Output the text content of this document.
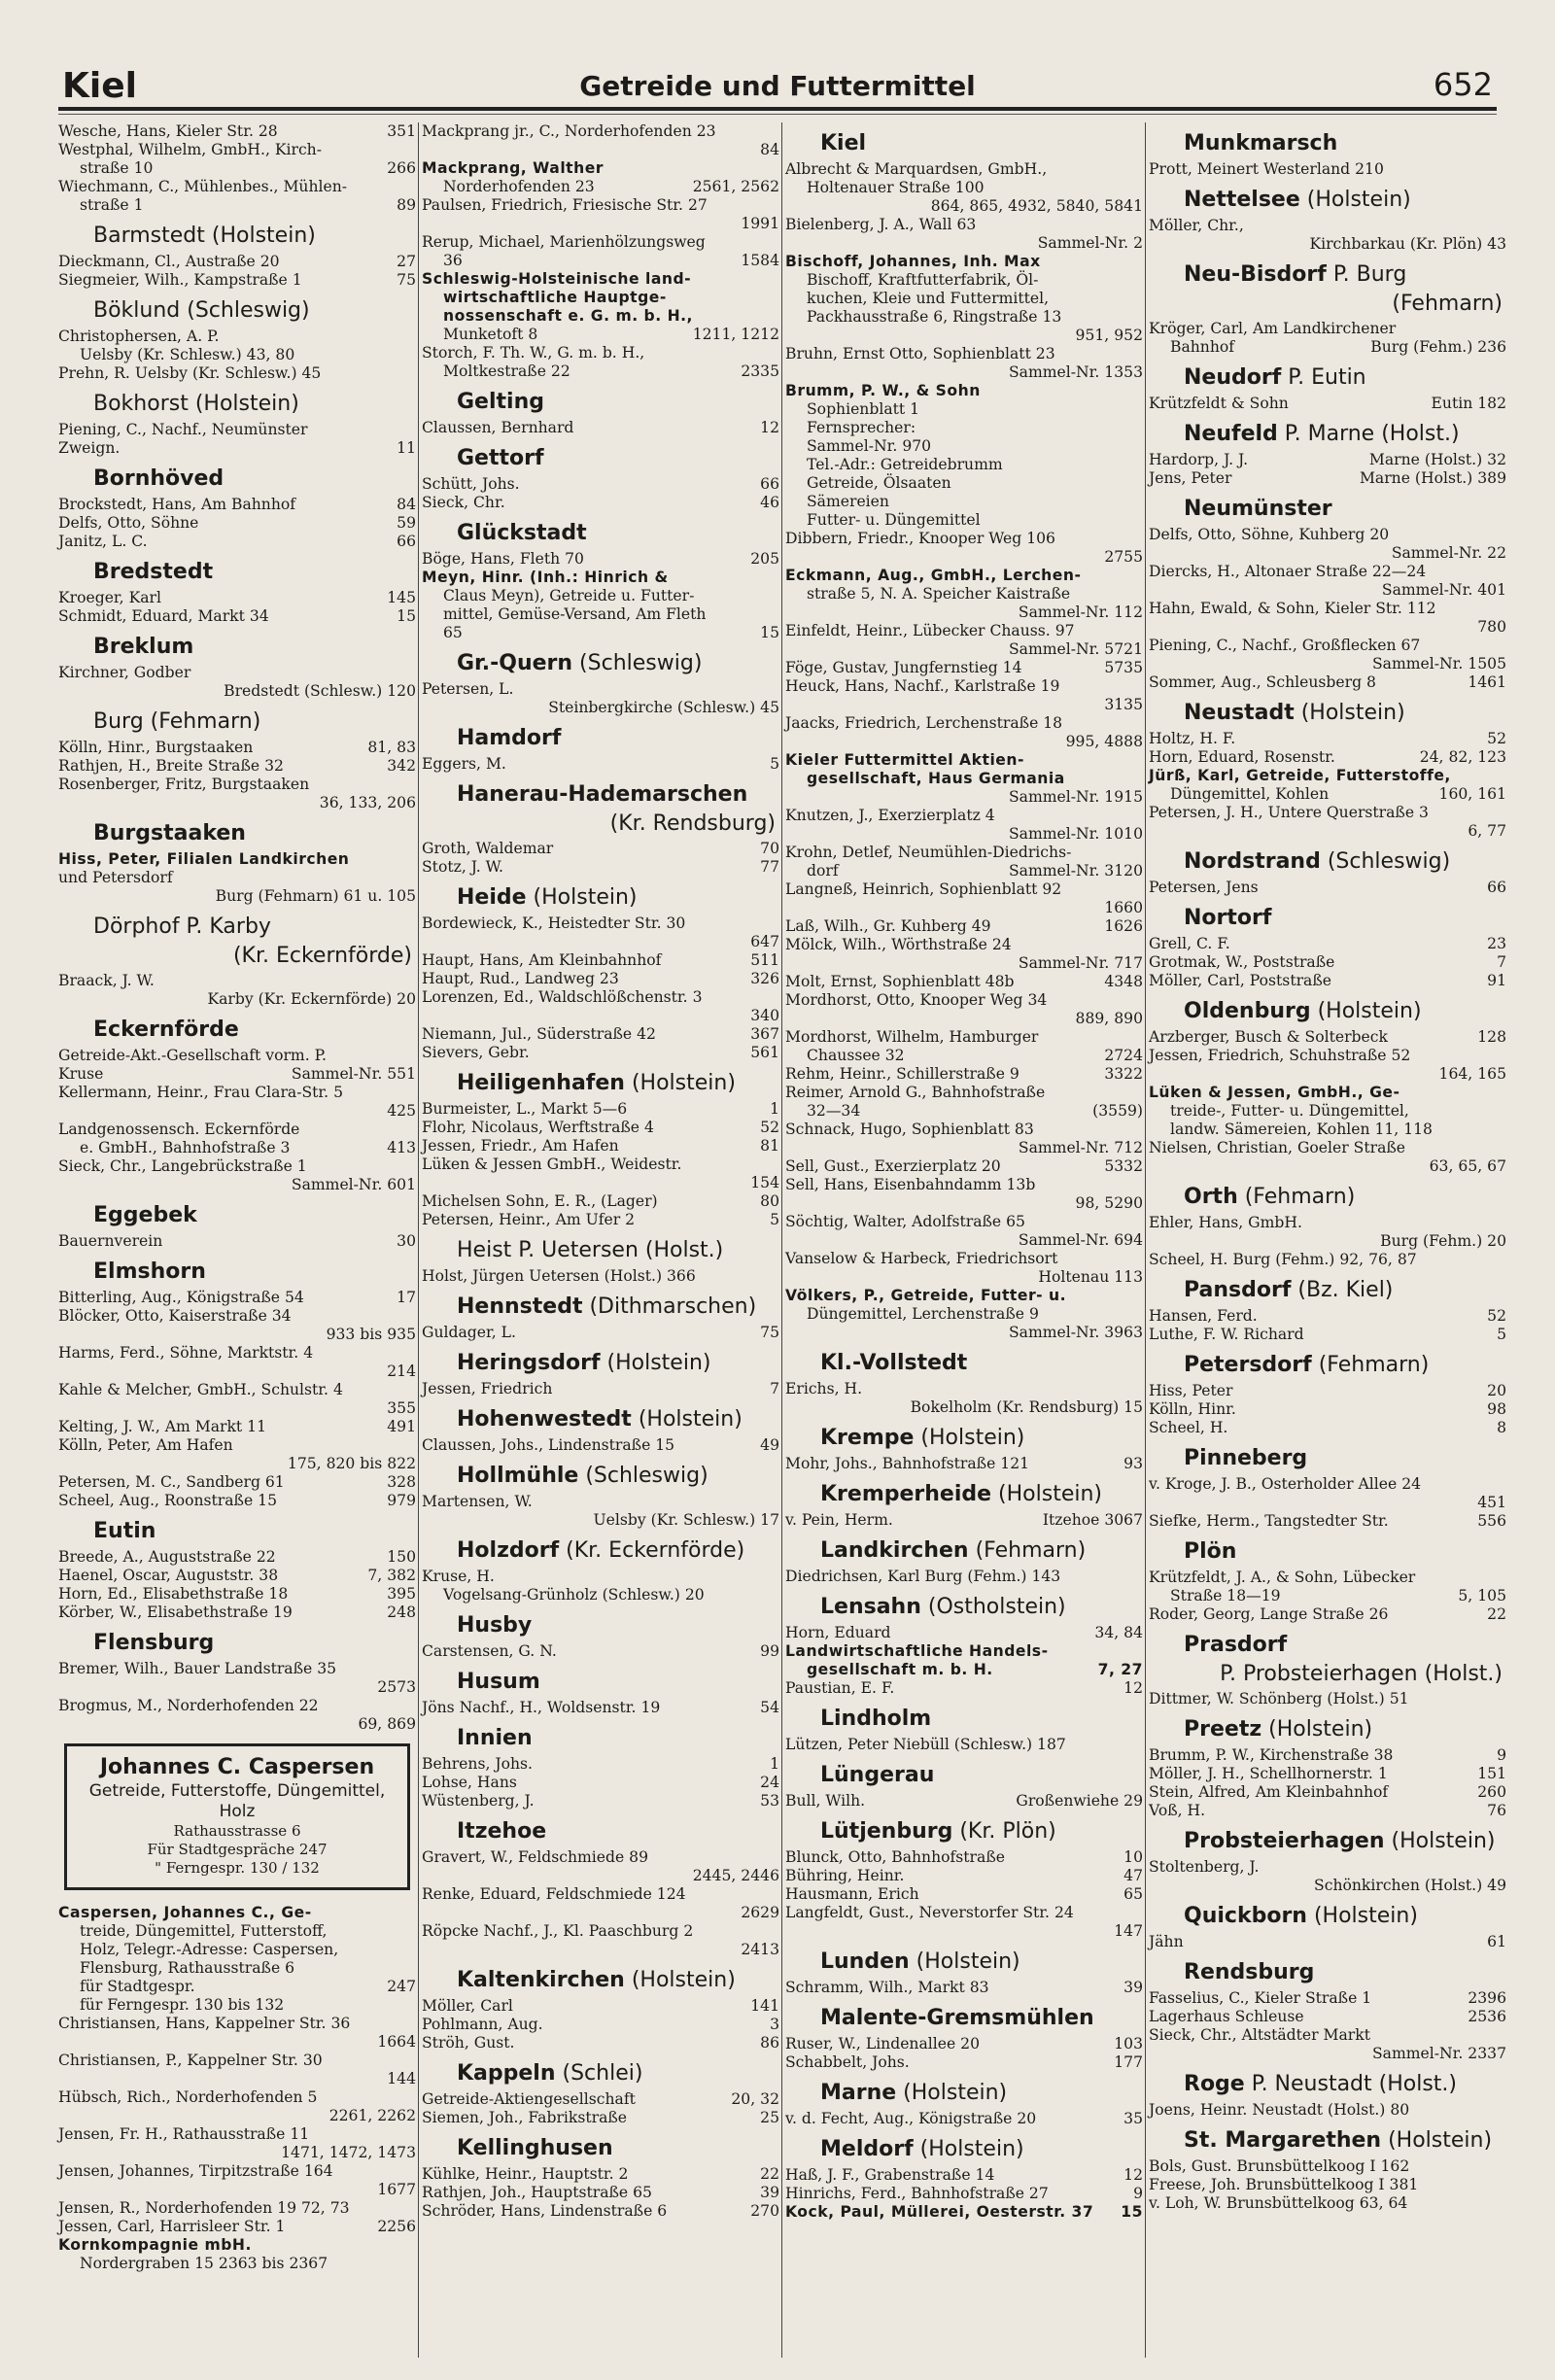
Kiel	Getreide und Futtermittel	652
351
Wesche, Hans, Kieler Str. 28
Westphal, Wilhelm, GmbH., Kirch-
266
straße 10
Wiechmann, C., Mühlenbes., Mühlen-
89
straße 1
Barmstedt (Holstein)
27
Dieckmann, Cl., Austraße 20
75
Siegmeier, Wilh., Kampstraße 1
Böklund (Schleswig)
Christophersen, A. P.
Uelsby (Kr. Schlesw.) 43, 80
Prehn, R. Uelsby (Kr. Schlesw.) 45
Bokhorst (Holstein)
Piening, C., Nachf., Neumünster
11
Zweign.
Bornhöved
84
Brockstedt, Hans, Am Bahnhof
59
Delfs, Otto, Söhne
66
Janitz, L. C.
Bredstedt
145
Kroeger, Karl
15
Schmidt, Eduard, Markt 34
Breklum
Kirchner, Godber
Bredstedt (Schlesw.) 120
Burg (Fehmarn)
81, 83
Kölln, Hinr., Burgstaaken
342
Rathjen, H., Breite Straße 32
Rosenberger, Fritz, Burgstaaken
36, 133, 206
Burgstaaken
Hiss, Peter, Filialen Landkirchen
und Petersdorf
Burg (Fehmarn) 61 u. 105
Dörphof P. Karby
(Kr. Eckernförde)
Braack, J. W.
Karby (Kr. Eckernförde) 20
Eckernförde
Getreide-Akt.-Gesellschaft vorm. P.
Sammel-Nr. 551
Kruse
Kellermann, Heinr., Frau Clara-Str. 5
425
Landgenossensch. Eckernförde
413
e. GmbH., Bahnhofstraße 3
Sieck, Chr., Langebrückstraße 1
Sammel-Nr. 601
Eggebek
30
Bauernverein
Elmshorn
17
Bitterling, Aug., Königstraße 54
Blöcker, Otto, Kaiserstraße 34
933 bis 935
Harms, Ferd., Söhne, Marktstr. 4
214
Kahle & Melcher, GmbH., Schulstr. 4
355
491
Kelting, J. W., Am Markt 11
Kölln, Peter, Am Hafen
175, 820 bis 822
328
Petersen, M. C., Sandberg 61
979
Scheel, Aug., Roonstraße 15
Eutin
150
Breede, A., Auguststraße 22
7, 382
Haenel, Oscar, Auguststr. 38
395
Horn, Ed., Elisabethstraße 18
248
Körber, W., Elisabethstraße 19
Flensburg
Bremer, Wilh., Bauer Landstraße 35
2573
Brogmus, M., Norderhofenden 22
69, 869
Johannes C. Caspersen
Getreide, Futterstoffe, Düngemittel, Holz
Rathausstrasse 6
Für Stadtgespräche 247
" Ferngespr. 130 / 132
Caspersen, Johannes C., Ge-
treide, Düngemittel, Futterstoff,
Holz, Telegr.-Adresse: Caspersen,
Flensburg, Rathausstraße 6
247
für Stadtgespr.
für Ferngespr. 130 bis 132
Christiansen, Hans, Kappelner Str. 36
1664
Christiansen, P., Kappelner Str. 30
144
Hübsch, Rich., Norderhofenden 5
2261, 2262
Jensen, Fr. H., Rathausstraße 11
1471, 1472, 1473
Jensen, Johannes, Tirpitzstraße 164
1677
Jensen, R., Norderhofenden 19 72, 73
2256
Jessen, Carl, Harrisleer Str. 1
Kornkompagnie mbH.
Nordergraben 15 2363 bis 2367
Mackprang jr., C., Norderhofenden 23
84
Mackprang, Walther
2561, 2562
Norderhofenden 23
Paulsen, Friedrich, Friesische Str. 27
1991
Rerup, Michael, Marienhölzungsweg
1584
36
Schleswig-Holsteinische land-
wirtschaftliche Hauptge-
nossenschaft e. G. m. b. H.,
1211, 1212
Munketoft 8
Storch, F. Th. W., G. m. b. H.,
2335
Moltkestraße 22
Gelting
12
Claussen, Bernhard
Gettorf
66
Schütt, Johs.
46
Sieck, Chr.
Glückstadt
205
Böge, Hans, Fleth 70
Meyn, Hinr. (Inh.: Hinrich &
Claus Meyn), Getreide u. Futter-
mittel, Gemüse-Versand, Am Fleth
15
65
Gr.-Quern (Schleswig)
Petersen, L.
Steinbergkirche (Schlesw.) 45
Hamdorf
5
Eggers, M.
Hanerau-Hademarschen
(Kr. Rendsburg)
70
Groth, Waldemar
77
Stotz, J. W.
Heide (Holstein)
Bordewieck, K., Heistedter Str. 30
647
511
Haupt, Hans, Am Kleinbahnhof
326
Haupt, Rud., Landweg 23
Lorenzen, Ed., Waldschlößchenstr. 3
340
367
Niemann, Jul., Süderstraße 42
561
Sievers, Gebr.
Heiligenhafen (Holstein)
1
Burmeister, L., Markt 5—6
52
Flohr, Nicolaus, Werftstraße 4
81
Jessen, Friedr., Am Hafen
Lüken & Jessen GmbH., Weidestr.
154
80
Michelsen Sohn, E. R., (Lager)
5
Petersen, Heinr., Am Ufer 2
Heist P. Uetersen (Holst.)
Holst, Jürgen Uetersen (Holst.) 366
Hennstedt (Dithmarschen)
75
Guldager, L.
Heringsdorf (Holstein)
7
Jessen, Friedrich
Hohenwestedt (Holstein)
49
Claussen, Johs., Lindenstraße 15
Hollmühle (Schleswig)
Martensen, W.
Uelsby (Kr. Schlesw.) 17
Holzdorf (Kr. Eckernförde)
Kruse, H.
Vogelsang-Grünholz (Schlesw.) 20
Husby
99
Carstensen, G. N.
Husum
54
Jöns Nachf., H., Woldsenstr. 19
Innien
1
Behrens, Johs.
24
Lohse, Hans
53
Wüstenberg, J.
Itzehoe
Gravert, W., Feldschmiede 89
2445, 2446
Renke, Eduard, Feldschmiede 124
2629
Röpcke Nachf., J., Kl. Paaschburg 2
2413
Kaltenkirchen (Holstein)
141
Möller, Carl
3
Pohlmann, Aug.
86
Ströh, Gust.
Kappeln (Schlei)
20, 32
Getreide-Aktiengesellschaft
25
Siemen, Joh., Fabrikstraße
Kellinghusen
22
Kühlke, Heinr., Hauptstr. 2
39
Rathjen, Joh., Hauptstraße 65
270
Schröder, Hans, Lindenstraße 6
Kiel
Albrecht & Marquardsen, GmbH.,
Holtenauer Straße 100
864, 865, 4932, 5840, 5841
Bielenberg, J. A., Wall 63
Sammel-Nr. 2
Bischoff, Johannes, Inh. Max
Bischoff, Kraftfutterfabrik, Öl-
kuchen, Kleie und Futtermittel,
Packhausstraße 6, Ringstraße 13
951, 952
Bruhn, Ernst Otto, Sophienblatt 23
Sammel-Nr. 1353
Brumm, P. W., & Sohn
Sophienblatt 1
Fernsprecher:
Sammel-Nr. 970
Tel.-Adr.: Getreidebrumm
Getreide, Ölsaaten
Sämereien
Futter- u. Düngemittel
Dibbern, Friedr., Knooper Weg 106
2755
Eckmann, Aug., GmbH., Lerchen-
straße 5, N. A. Speicher Kaistraße
Sammel-Nr. 112
Einfeldt, Heinr., Lübecker Chauss. 97
Sammel-Nr. 5721
5735
Föge, Gustav, Jungfernstieg 14
Heuck, Hans, Nachf., Karlstraße 19
3135
Jaacks, Friedrich, Lerchenstraße 18
995, 4888
Kieler Futtermittel Aktien-
gesellschaft, Haus Germania
Sammel-Nr. 1915
Knutzen, J., Exerzierplatz 4
Sammel-Nr. 1010
Krohn, Detlef, Neumühlen-Diedrichs-
Sammel-Nr. 3120
dorf
Langneß, Heinrich, Sophienblatt 92
1660
1626
Laß, Wilh., Gr. Kuhberg 49
Mölck, Wilh., Wörthstraße 24
Sammel-Nr. 717
4348
Molt, Ernst, Sophienblatt 48b
Mordhorst, Otto, Knooper Weg 34
889, 890
Mordhorst, Wilhelm, Hamburger
2724
Chaussee 32
3322
Rehm, Heinr., Schillerstraße 9
Reimer, Arnold G., Bahnhofstraße
(3559)
32—34
Schnack, Hugo, Sophienblatt 83
Sammel-Nr. 712
5332
Sell, Gust., Exerzierplatz 20
Sell, Hans, Eisenbahndamm 13b
98, 5290
Söchtig, Walter, Adolfstraße 65
Sammel-Nr. 694
Vanselow & Harbeck, Friedrichsort
Holtenau 113
Völkers, P., Getreide, Futter- u.
Düngemittel, Lerchenstraße 9
Sammel-Nr. 3963
Kl.-Vollstedt
Erichs, H.
Bokelholm (Kr. Rendsburg) 15
Krempe (Holstein)
93
Mohr, Johs., Bahnhofstraße 121
Kremperheide (Holstein)
Itzehoe 3067
v. Pein, Herm.
Landkirchen (Fehmarn)
Diedrichsen, Karl Burg (Fehm.) 143
Lensahn (Ostholstein)
34, 84
Horn, Eduard
Landwirtschaftliche Handels-
7, 27
gesellschaft m. b. H.
12
Paustian, E. F.
Lindholm
Lützen, Peter Niebüll (Schlesw.) 187
Lüngerau
Großenwiehe 29
Bull, Wilh.
Lütjenburg (Kr. Plön)
10
Blunck, Otto, Bahnhofstraße
47
Bühring, Heinr.
65
Hausmann, Erich
Langfeldt, Gust., Neverstorfer Str. 24
147
Lunden (Holstein)
39
Schramm, Wilh., Markt 83
Malente-Gremsmühlen
103
Ruser, W., Lindenallee 20
177
Schabbelt, Johs.
Marne (Holstein)
35
v. d. Fecht, Aug., Königstraße 20
Meldorf (Holstein)
12
Haß, J. F., Grabenstraße 14
9
Hinrichs, Ferd., Bahnhofstraße 27
15
Kock, Paul, Müllerei, Oesterstr. 37
Munkmarsch
Prott, Meinert Westerland 210
Nettelsee (Holstein)
Möller, Chr.,
Kirchbarkau (Kr. Plön) 43
Neu-Bisdorf P. Burg
(Fehmarn)
Kröger, Carl, Am Landkirchener
Burg (Fehm.) 236
Bahnhof
Neudorf P. Eutin
Eutin 182
Krützfeldt & Sohn
Neufeld P. Marne (Holst.)
Marne (Holst.) 32
Hardorp, J. J.
Marne (Holst.) 389
Jens, Peter
Neumünster
Delfs, Otto, Söhne, Kuhberg 20
Sammel-Nr. 22
Diercks, H., Altonaer Straße 22—24
Sammel-Nr. 401
Hahn, Ewald, & Sohn, Kieler Str. 112
780
Piening, C., Nachf., Großflecken 67
Sammel-Nr. 1505
1461
Sommer, Aug., Schleusberg 8
Neustadt (Holstein)
52
Holtz, H. F.
24, 82, 123
Horn, Eduard, Rosenstr.
Jürß, Karl, Getreide, Futterstoffe,
160, 161
Düngemittel, Kohlen
Petersen, J. H., Untere Querstraße 3
6, 77
Nordstrand (Schleswig)
66
Petersen, Jens
Nortorf
23
Grell, C. F.
7
Grotmak, W., Poststraße
91
Möller, Carl, Poststraße
Oldenburg (Holstein)
128
Arzberger, Busch & Solterbeck
Jessen, Friedrich, Schuhstraße 52
164, 165
Lüken & Jessen, GmbH., Ge-
treide-, Futter- u. Düngemittel,
landw. Sämereien, Kohlen 11, 118
Nielsen, Christian, Goeler Straße
63, 65, 67
Orth (Fehmarn)
Ehler, Hans, GmbH.
Burg (Fehm.) 20
Scheel, H. Burg (Fehm.) 92, 76, 87
Pansdorf (Bz. Kiel)
52
Hansen, Ferd.
5
Luthe, F. W. Richard
Petersdorf (Fehmarn)
20
Hiss, Peter
98
Kölln, Hinr.
8
Scheel, H.
Pinneberg
v. Kroge, J. B., Osterholder Allee 24
451
556
Siefke, Herm., Tangstedter Str.
Plön
Krützfeldt, J. A., & Sohn, Lübecker
5, 105
Straße 18—19
22
Roder, Georg, Lange Straße 26
Prasdorf
P. Probsteierhagen (Holst.)
Dittmer, W. Schönberg (Holst.) 51
Preetz (Holstein)
9
Brumm, P. W., Kirchenstraße 38
151
Möller, J. H., Schellhornerstr. 1
260
Stein, Alfred, Am Kleinbahnhof
76
Voß, H.
Probsteierhagen (Holstein)
Stoltenberg, J.
Schönkirchen (Holst.) 49
Quickborn (Holstein)
61
Jähn
Rendsburg
2396
Fasselius, C., Kieler Straße 1
2536
Lagerhaus Schleuse
Sieck, Chr., Altstädter Markt
Sammel-Nr. 2337
Roge P. Neustadt (Holst.)
Joens, Heinr. Neustadt (Holst.) 80
St. Margarethen (Holstein)
Bols, Gust. Brunsbüttelkoog I 162
Freese, Joh. Brunsbüttelkoog I 381
v. Loh, W. Brunsbüttelkoog 63, 64
